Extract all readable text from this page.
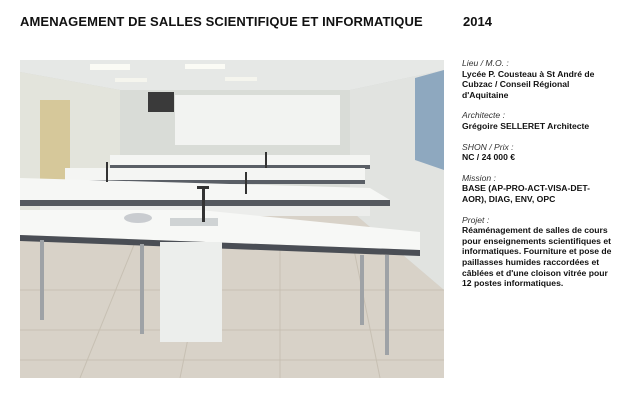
AMENAGEMENT DE SALLES SCIENTIFIQUE ET INFORMATIQUE	2014
Lieu / M.O. :
Lycée P. Cousteau à St André de Cubzac / Conseil Régional d'Aquitaine
Architecte :
Grégoire SELLERET Architecte
SHON / Prix :
NC / 24 000 €
Mission :
BASE (AP-PRO-ACT-VISA-DET-AOR), DIAG, ENV, OPC
Projet :
Réaménagement de salles de cours pour enseignements scientifiques et informatiques. Fourniture et pose de paillasses humides raccordées et câblées et d'une cloison vitrée pour 12 postes informatiques.
